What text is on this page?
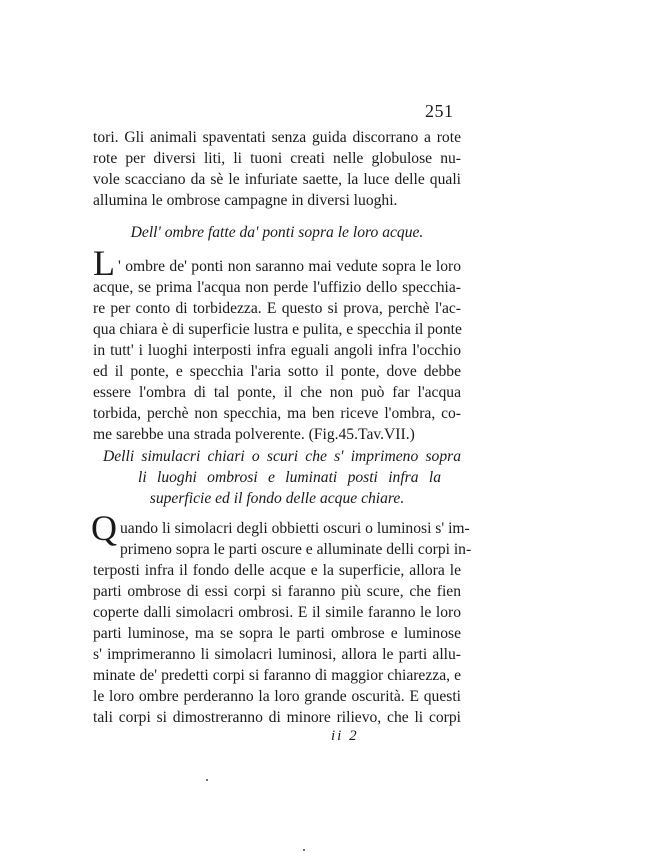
251
tori. Gli animali spaventati senza guida discorrano a rote
rote per diversi liti, li tuoni creati nelle globulose nu-
vole scacciano da sè le infuriate saette, la luce delle quali
allumina le ombrose campagne in diversi luoghi.
Dell' ombre fatte da' ponti sopra le loro acque.
L ' ombre de' ponti non saranno mai vedute sopra le loro
acque, se prima l'acqua non perde l'uffizio dello specchia-
re per conto di torbidezza. E questo si prova, perchè l'ac-
qua chiara è di superficie lustra e pulita, e specchia il ponte
in tutt' i luoghi interposti infra eguali angoli infra l'occhio
ed il ponte, e specchia l'aria sotto il ponte, dove debbe
essere l'ombra di tal ponte, il che non può far l'acqua
torbida, perchè non specchia, ma ben riceve l'ombra, co-
me sarebbe una strada polverente. (Fig.45.Tav.VII.)
Delli simulacri chiari o scuri che s' imprimeno sopra
li luoghi ombrosi e luminati posti infra la
superficie ed il fondo delle acque chiare.
Q uando li simolacri degli obbietti oscuri o luminosi s' im-
primeno sopra le parti oscure e alluminate delli corpi in-
terposti infra il fondo delle acque e la superficie, allora le
parti ombrose di essi corpi si faranno più scure, che fien
coperte dalli simolacri ombrosi. E il simile faranno le loro
parti luminose, ma se sopra le parti ombrose e luminose
s' imprimeranno li simolacri luminosi, allora le parti allu-
minate de' predetti corpi si faranno di maggior chiarezza, e
le loro ombre perderanno la loro grande oscurità. E questi
tali corpi si dimostreranno di minore rilievo, che li corpi
ii 2
